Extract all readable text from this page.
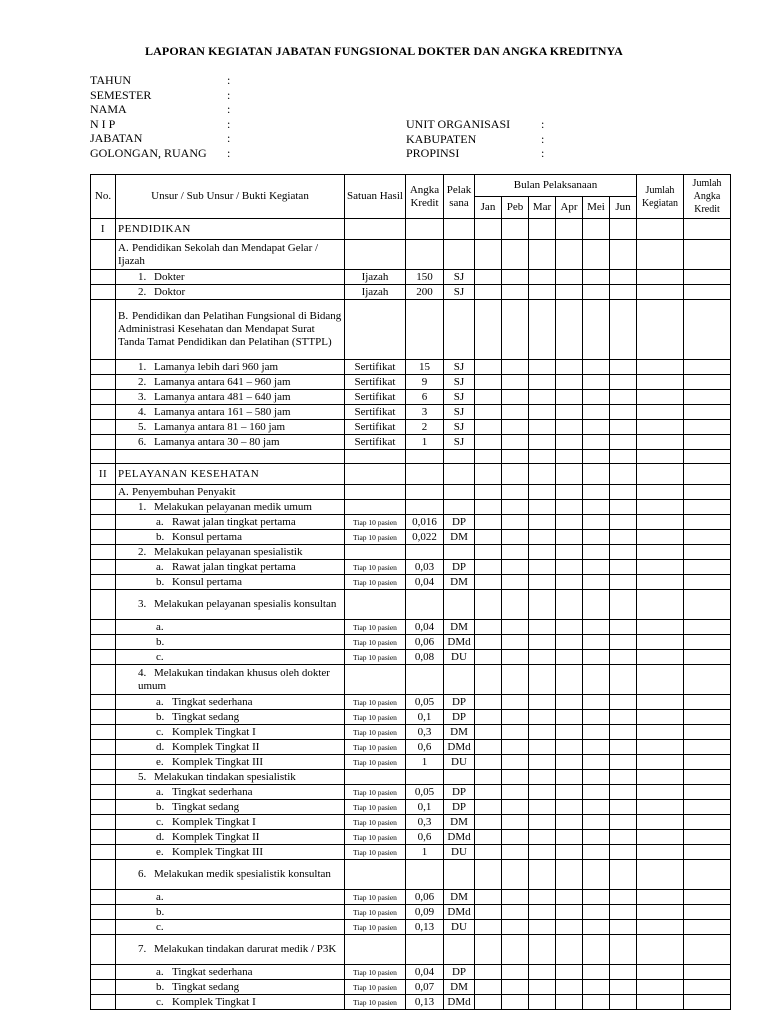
LAPORAN KEGIATAN JABATAN FUNGSIONAL DOKTER DAN ANGKA KREDITNYA
TAHUN	:
SEMESTER	:
NAMA	:
N I P	:
JABATAN	:
GOLONGAN, RUANG :
UNIT ORGANISASI	:
KABUPATEN	:
PROPINSI	:
No.	Unsur / Sub Unsur / Bukti Kegiatan	Satuan Hasil	Angka Kredit	Pelak sana	Bulan Pelaksanaan						Jumlah Kegiatan	Jumlah Angka Kredit
					Jan	Peb	Mar	Apr	Mei	Jun		
I	PENDIDIKAN											
	A. Pendidikan Sekolah dan Mendapat Gelar / Ijazah											
	1. Dokter	Ijazah	150	SJ								
	2. Doktor	Ijazah	200	SJ								
	B. Pendidikan dan Pelatihan Fungsional di Bidang Administrasi Kesehatan dan Mendapat Surat Tanda Tamat Pendidikan dan Pelatihan (STTPL)											
	1. Lamanya lebih dari 960 jam	Sertifikat	15	SJ								
	2. Lamanya antara 641 – 960 jam	Sertifikat	9	SJ								
	3. Lamanya antara 481 – 640 jam	Sertifikat	6	SJ								
	4. Lamanya antara 161 – 580 jam	Sertifikat	3	SJ								
	5. Lamanya antara 81 – 160 jam	Sertifikat	2	SJ								
	6. Lamanya antara 30 – 80 jam	Sertifikat	1	SJ								

II	PELAYANAN KESEHATAN											
	A. Penyembuhan Penyakit											
	1. Melakukan pelayanan medik umum											
	a. Rawat jalan tingkat pertama	Tiap 10 pasien	0,016	DP								
	b. Konsul pertama	Tiap 10 pasien	0,022	DM								
	2. Melakukan pelayanan spesialistik											
	a. Rawat jalan tingkat pertama	Tiap 10 pasien	0,03	DP								
	b. Konsul pertama	Tiap 10 pasien	0,04	DM								
	3. Melakukan pelayanan spesialis konsultan											
	a.	Tiap 10 pasien	0,04	DM								
	b.	Tiap 10 pasien	0,06	DMd								
	c.	Tiap 10 pasien	0,08	DU								
	4. Melakukan tindakan khusus oleh dokter umum											
	a. Tingkat sederhana	Tiap 10 pasien	0,05	DP								
	b. Tingkat sedang	Tiap 10 pasien	0,1	DP								
	c. Komplek Tingkat I	Tiap 10 pasien	0,3	DM								
	d. Komplek Tingkat II	Tiap 10 pasien	0,6	DMd								
	e. Komplek Tingkat III	Tiap 10 pasien	1	DU								
	5. Melakukan tindakan spesialistik											
	a. Tingkat sederhana	Tiap 10 pasien	0,05	DP								
	b. Tingkat sedang	Tiap 10 pasien	0,1	DP								
	c. Komplek Tingkat I	Tiap 10 pasien	0,3	DM								
	d. Komplek Tingkat II	Tiap 10 pasien	0,6	DMd								
	e. Komplek Tingkat III	Tiap 10 pasien	1	DU								
	6. Melakukan medik spesialistik konsultan											
	a.	Tiap 10 pasien	0,06	DM								
	b.	Tiap 10 pasien	0,09	DMd								
	c.	Tiap 10 pasien	0,13	DU								
	7. Melakukan tindakan darurat medik / P3K											
	a. Tingkat sederhana	Tiap 10 pasien	0,04	DP								
	b. Tingkat sedang	Tiap 10 pasien	0,07	DM								
	c. Komplek Tingkat I	Tiap 10 pasien	0,13	DMd								
